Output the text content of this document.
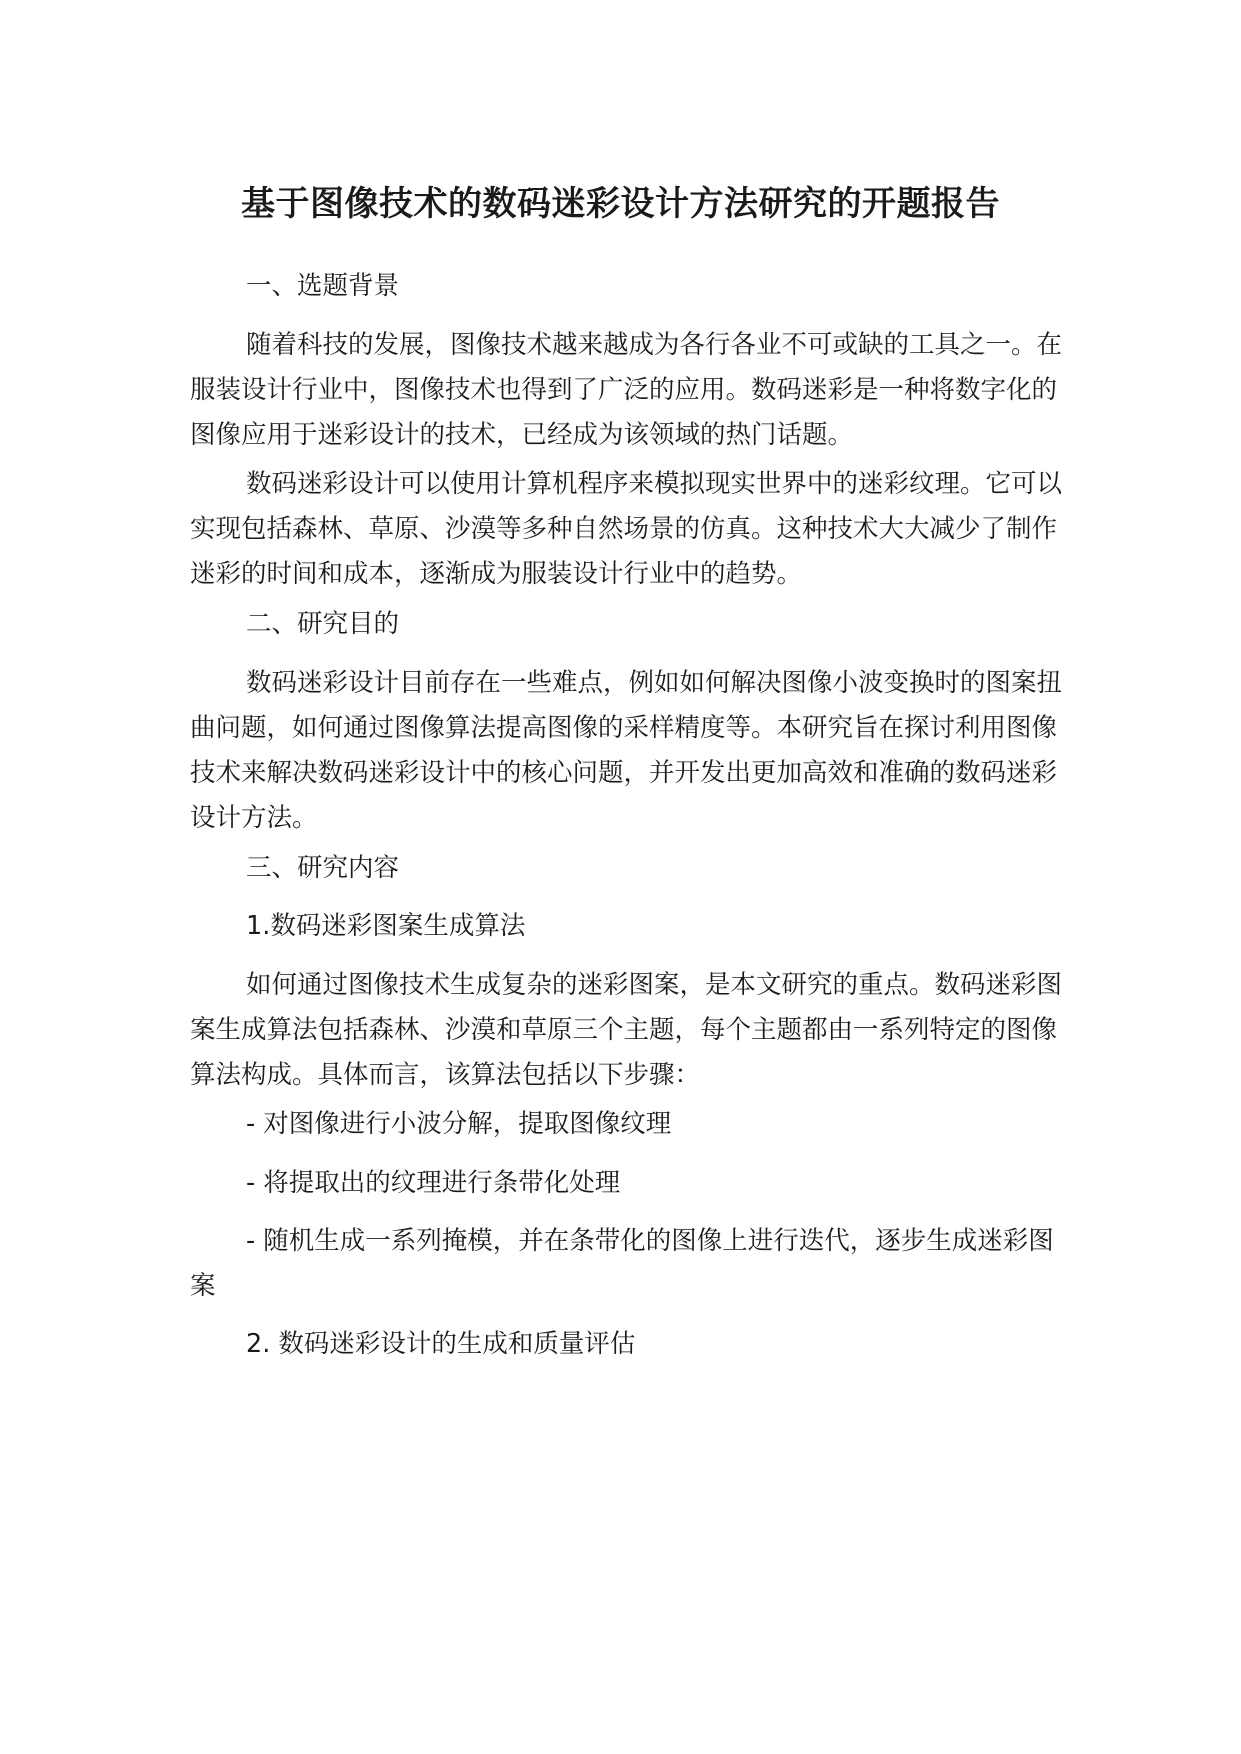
基于图像技术的数码迷彩设计方法研究的开题报告

一、选题背景

随着科技的发展，图像技术越来越成为各行各业不可或缺的工具之一。在服装设计行业中，图像技术也得到了广泛的应用。数码迷彩是一种将数字化的图像应用于迷彩设计的技术，已经成为该领域的热门话题。

数码迷彩设计可以使用计算机程序来模拟现实世界中的迷彩纹理。它可以实现包括森林、草原、沙漠等多种自然场景的仿真。这种技术大大减少了制作迷彩的时间和成本，逐渐成为服装设计行业中的趋势。

二、研究目的

数码迷彩设计目前存在一些难点，例如如何解决图像小波变换时的图案扭曲问题，如何通过图像算法提高图像的采样精度等。本研究旨在探讨利用图像技术来解决数码迷彩设计中的核心问题，并开发出更加高效和准确的数码迷彩设计方法。

三、研究内容

1.数码迷彩图案生成算法

如何通过图像技术生成复杂的迷彩图案，是本文研究的重点。数码迷彩图案生成算法包括森林、沙漠和草原三个主题，每个主题都由一系列特定的图像算法构成。具体而言，该算法包括以下步骤：

- 对图像进行小波分解，提取图像纹理

- 将提取出的纹理进行条带化处理

- 随机生成一系列掩模，并在条带化的图像上进行迭代，逐步生成迷彩图案

2. 数码迷彩设计的生成和质量评估
